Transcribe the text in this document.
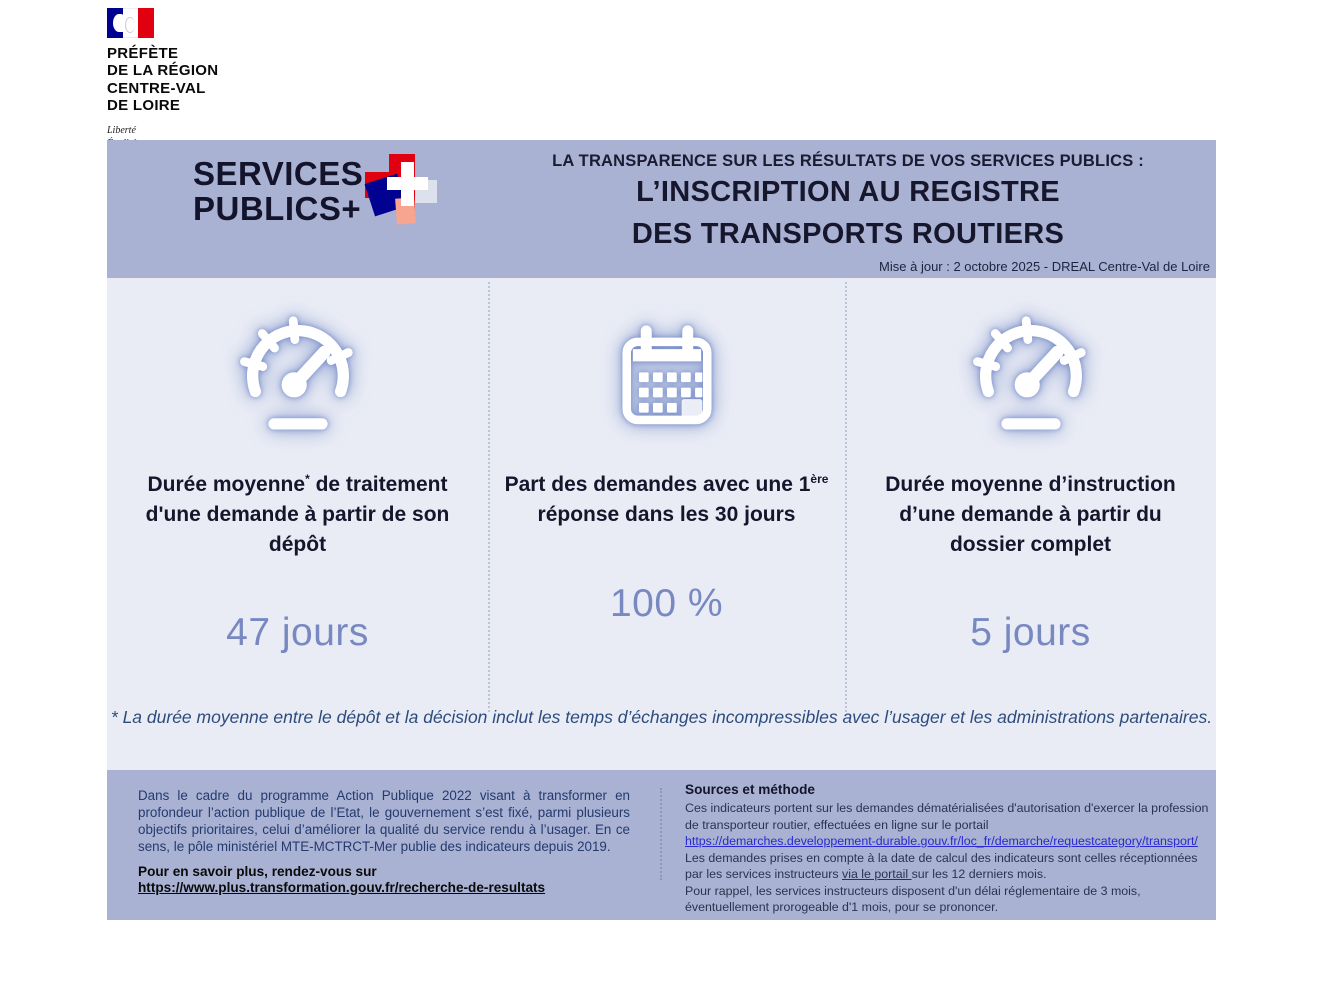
PRÉFÈTE
DE LA RÉGION
CENTRE-VAL
DE LOIRE
Liberté
SERVICES
PUBLICS+
LA TRANSPARENCE SUR LES RÉSULTATS DE VOS SERVICES PUBLICS :
L’INSCRIPTION AU REGISTRE
DES TRANSPORTS ROUTIERS
Mise à jour : 2 octobre 2025 - DREAL Centre-Val de Loire
Durée moyenne* de traitement d'une demande à partir de son dépôt
47 jours
Part des demandes avec une 1ère réponse dans les 30 jours
100 %
Durée moyenne d’instruction d’une demande à partir du dossier complet
5 jours
* La durée moyenne entre le dépôt et la décision inclut les temps d’échanges incompressibles avec l’usager et les administrations partenaires.
Dans le cadre du programme Action Publique 2022 visant à transformer en profondeur l’action publique de l’Etat, le gouvernement s’est fixé, parmi plusieurs objectifs prioritaires, celui d’améliorer la qualité du service rendu à l’usager. En ce sens, le pôle ministériel MTE-MCTRCT-Mer publie des indicateurs depuis 2019.
Pour en savoir plus, rendez-vous sur
https://www.plus.transformation.gouv.fr/recherche-de-resultats
Sources et méthode
Ces indicateurs portent sur les demandes dématérialisées d'autorisation d'exercer la profession de transporteur routier, effectuées en ligne sur le portail
https://demarches.developpement-durable.gouv.fr/loc_fr/demarche/requestcategory/transport/
Les demandes prises en compte à la date de calcul des indicateurs sont celles réceptionnées par les services instructeurs via le portail sur les 12 derniers mois.
Pour rappel, les services instructeurs disposent d'un délai réglementaire de 3 mois,
éventuellement prorogeable d'1 mois, pour se prononcer.
